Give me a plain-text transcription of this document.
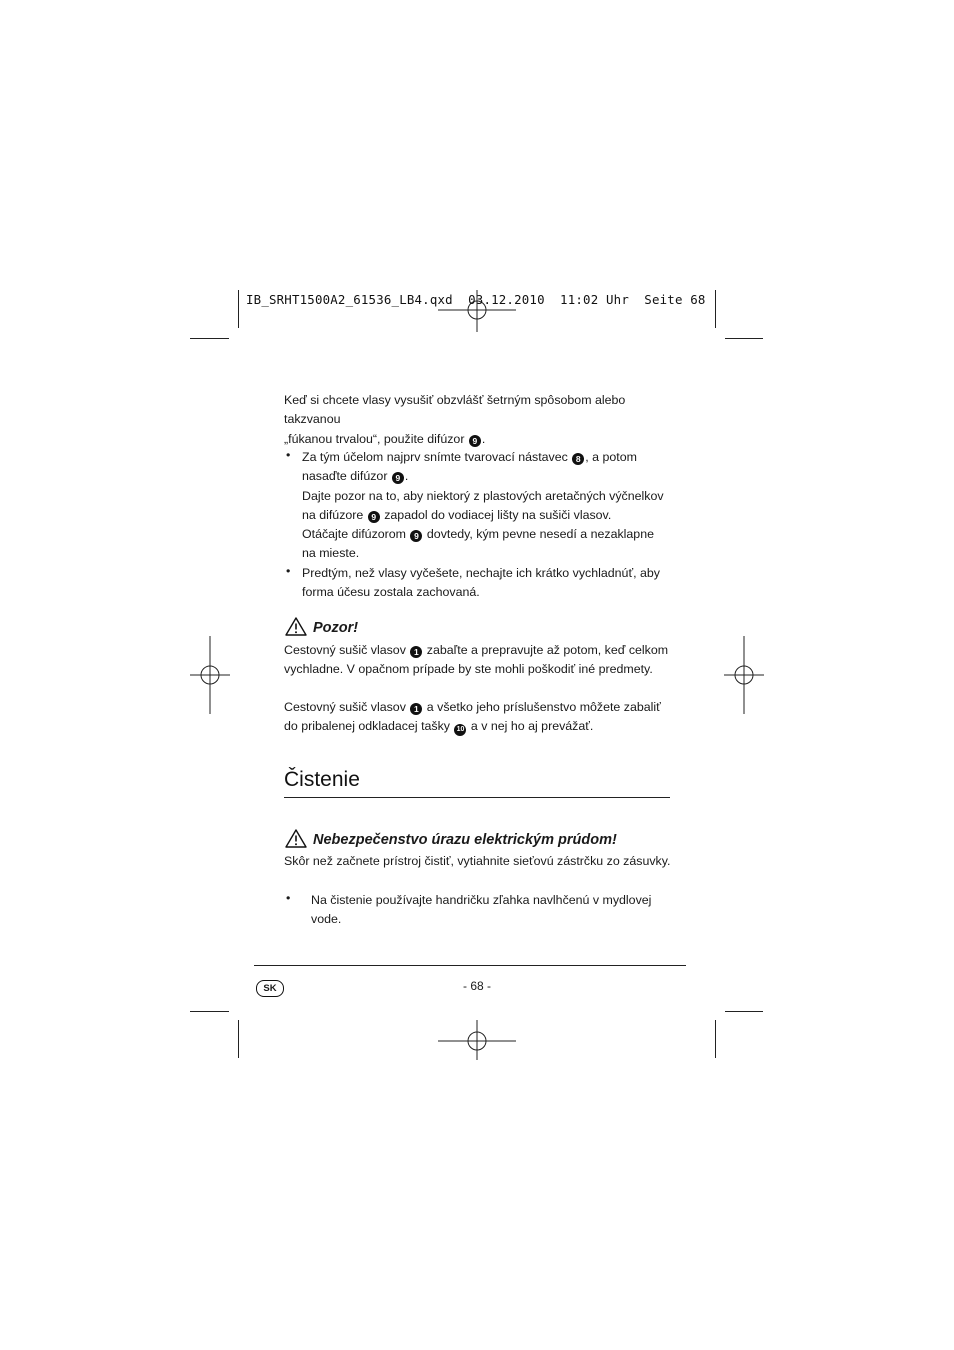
IB_SRHT1500A2_61536_LB4.qxd  03.12.2010  11:02 Uhr  Seite 68
Keď si chcete vlasy vysušiť obzvlášť šetrným spôsobom alebo takzvanou
„fúkanou trvalou“, použite difúzor 9 .
• Za tým účelom najprv snímte tvarovací nástavec 8 , a potom
nasaďte difúzor 9 .
Dajte pozor na to, aby niektorý z plastových aretačných výčnelkov
na difúzore 9 zapadol do vodiacej lišty na sušiči vlasov.
Otáčajte difúzorom 9 dovtedy, kým pevne nesedí a nezaklapne
na mieste.
• Predtým, než vlasy vyčešete, nechajte ich krátko vychladnúť, aby
forma účesu zostala zachovaná.
Pozor!
Cestovný sušič vlasov 1 zabaľte a prepravujte až potom, keď celkom
vychladne. V opačnom prípade by ste mohli poškodiť iné predmety.
Cestovný sušič vlasov 1 a všetko jeho príslušenstvo môžete zabaliť
do pribalenej odkladacej tašky 10 a v nej ho aj prevážať.
Čistenie
Nebezpečenstvo úrazu elektrickým prúdom!
Skôr než začnete prístroj čistiť, vytiahnite sieťovú zástrčku zo zásuvky.
• Na čistenie používajte handričku zľahka navlhčenú v mydlovej
vode.
SK	- 68 -
